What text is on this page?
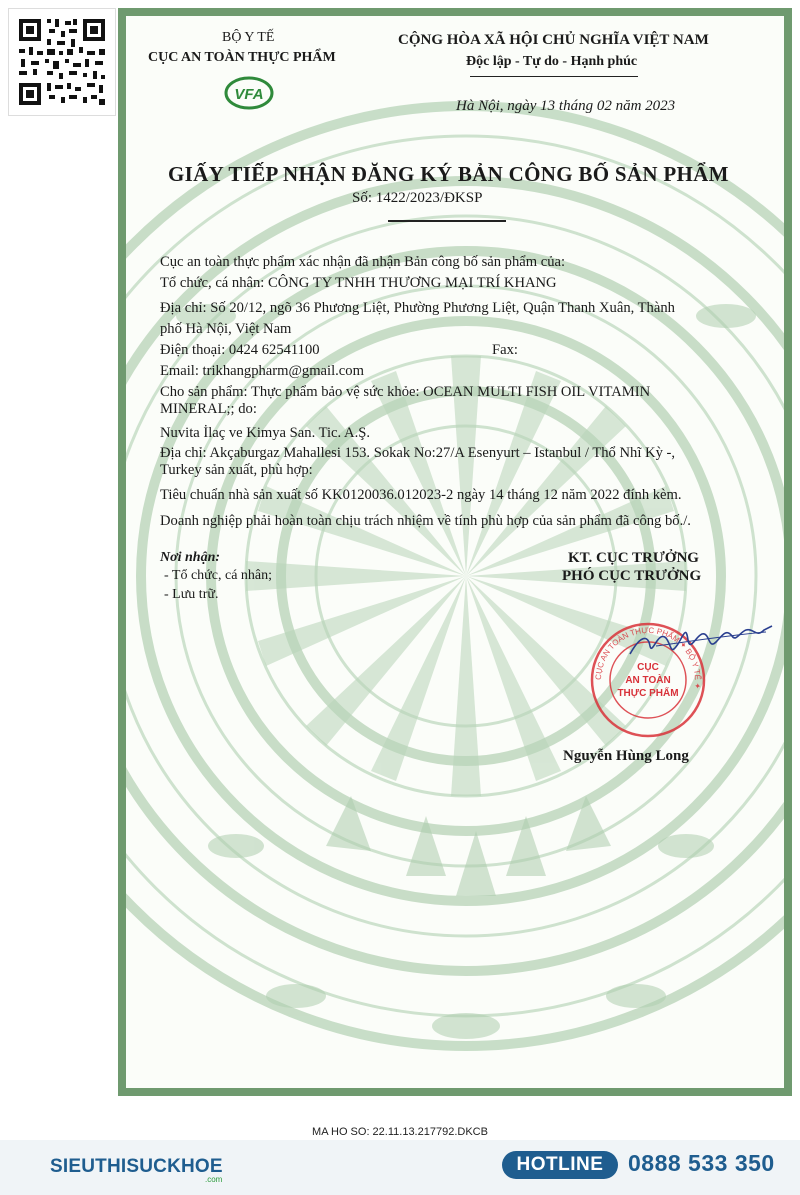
BỘ Y TẾ
CỤC AN TOÀN THỰC PHẨM
VFA
CỘNG HÒA XÃ HỘI CHỦ NGHĨA VIỆT NAM
Độc lập - Tự do - Hạnh phúc
Hà Nội, ngày 13 tháng 02 năm 2023
GIẤY TIẾP NHẬN ĐĂNG KÝ BẢN CÔNG BỐ SẢN PHẨM
Số: 1422/2023/ĐKSP
Cục an toàn thực phẩm xác nhận đã nhận Bản công bố sản phẩm của:
Tổ chức, cá nhân: CÔNG TY TNHH THƯƠNG MẠI TRÍ KHANG
Địa chỉ: Số 20/12, ngõ 36 Phương Liệt, Phường Phương Liệt, Quận Thanh Xuân, Thành
phố Hà Nội, Việt Nam
Điện thoại: 0424 62541100	Fax:
Email: trikhangpharm@gmail.com
Cho sản phẩm: Thực phẩm bảo vệ sức khỏe: OCEAN MULTI FISH OIL VITAMIN
MINERAL;; do:
Nuvita İlaç ve Kimya San. Tic. A.Ş.
Địa chỉ: Akçaburgaz Mahallesi 153. Sokak No:27/A Esenyurt – Istanbul / Thổ Nhĩ Kỳ -,
Turkey sản xuất, phù hợp:
Tiêu chuẩn nhà sản xuất số KK0120036.012023-2 ngày 14 tháng 12 năm 2022 đính kèm.
Doanh nghiệp phải hoàn toàn chịu trách nhiệm về tính phù hợp của sản phẩm đã công bố./.
Nơi nhận:
- Tổ chức, cá nhân;
- Lưu trữ.
KT. CỤC TRƯỞNG
PHÓ CỤC TRƯỞNG
CỤC AN TOÀN THỰC PHẨM ✦ BỘ Y TẾ ✦
CỤC
AN TOÀN
THỰC PHẨM
Nguyễn Hùng Long
MA HO SO: 22.11.13.217792.DKCB
SIEUTHISUCKHOE
.com
HOTLINE	0888 533 350
